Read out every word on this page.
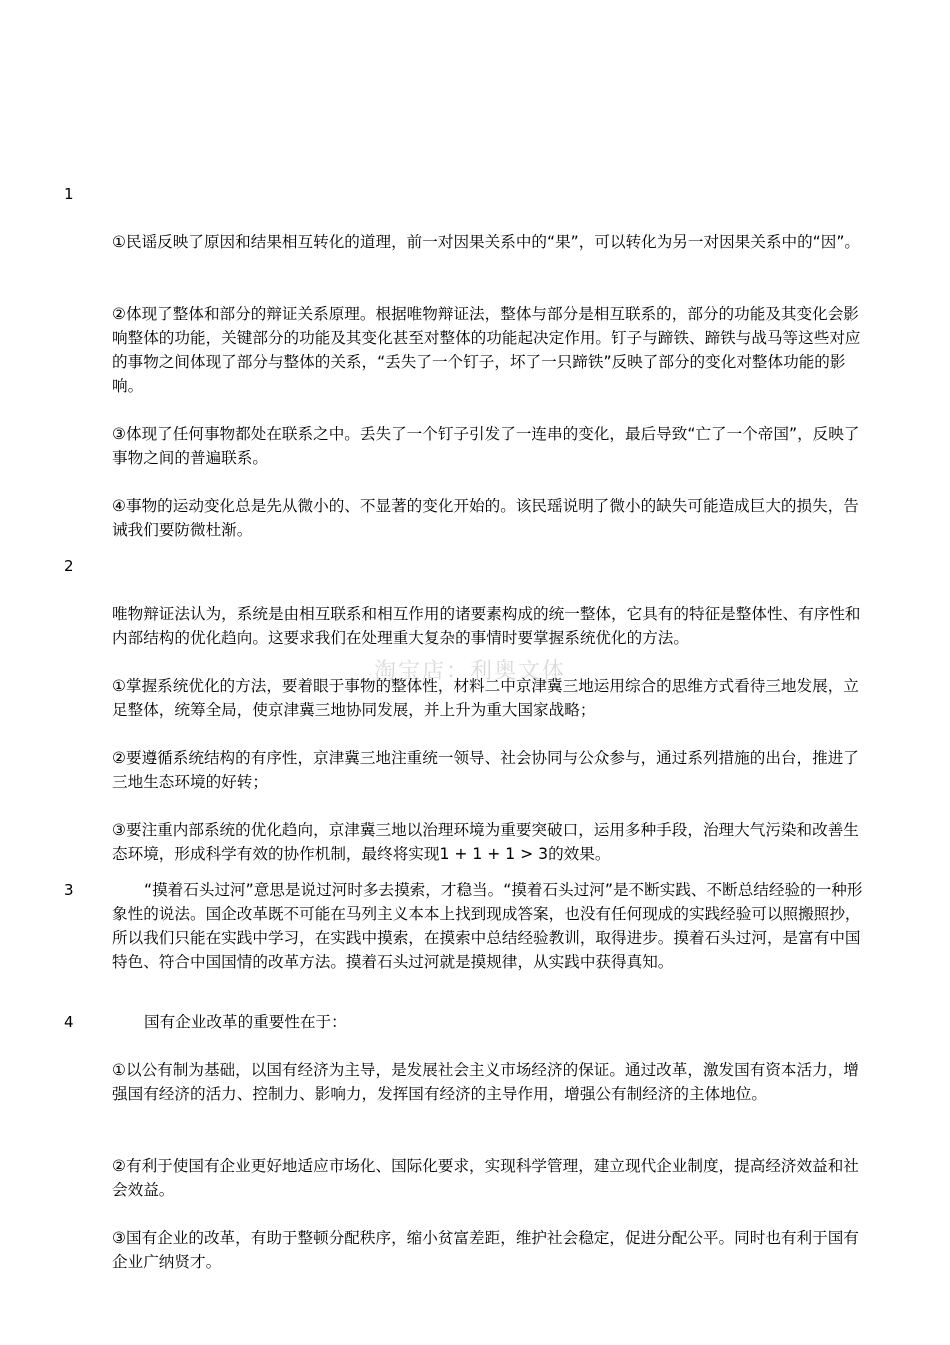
淘宝店：利奥文体
1

①民谣反映了原因和结果相互转化的道理，前一对因果关系中的“果”，可以转化为另一对因果关系中的“因”。

②体现了整体和部分的辩证关系原理。根据唯物辩证法，整体与部分是相互联系的，部分的功能及其变化会影响整体的功能，关键部分的功能及其变化甚至对整体的功能起决定作用。钉子与蹄铁、蹄铁与战马等这些对应的事物之间体现了部分与整体的关系，“丢失了一个钉子，坏了一只蹄铁”反映了部分的变化对整体功能的影响。

③体现了任何事物都处在联系之中。丢失了一个钉子引发了一连串的变化，最后导致“亡了一个帝国”，反映了事物之间的普遍联系。

④事物的运动变化总是先从微小的、不显著的变化开始的。该民瑶说明了微小的缺失可能造成巨大的损失，告诫我们要防微杜渐。

2

唯物辩证法认为，系统是由相互联系和相互作用的诸要素构成的统一整体，它具有的特征是整体性、有序性和内部结构的优化趋向。这要求我们在处理重大复杂的事情时要掌握系统优化的方法。

①掌握系统优化的方法，要着眼于事物的整体性，材料二中京津冀三地运用综合的思维方式看待三地发展，立足整体，统筹全局，使京津冀三地协同发展，并上升为重大国家战略；

②要遵循系统结构的有序性，京津冀三地注重统一领导、社会协同与公众参与，通过系列措施的出台，推进了三地生态环境的好转；

③要注重内部系统的优化趋向，京津冀三地以治理环境为重要突破口，运用多种手段，治理大气污染和改善生态环境，形成科学有效的协作机制，最终将实现1 + 1 + 1 > 3的效果。

3	“摸着石头过河”意思是说过河时多去摸索，才稳当。“摸着石头过河”是不断实践、不断总结经验的一种形象性的说法。国企改革既不可能在马列主义本本上找到现成答案，也没有任何现成的实践经验可以照搬照抄，所以我们只能在实践中学习，在实践中摸索，在摸索中总结经验教训，取得进步。摸着石头过河，是富有中国特色、符合中国国情的改革方法。摸着石头过河就是摸规律，从实践中获得真知。

4	国有企业改革的重要性在于：

①以公有制为基础，以国有经济为主导，是发展社会主义市场经济的保证。通过改革，激发国有资本活力，增强国有经济的活力、控制力、影响力，发挥国有经济的主导作用，增强公有制经济的主体地位。

②有利于使国有企业更好地适应市场化、国际化要求，实现科学管理，建立现代企业制度，提高经济效益和社会效益。

③国有企业的改革，有助于整顿分配秩序，缩小贫富差距，维护社会稳定，促进分配公平。同时也有利于国有企业广纳贤才。
